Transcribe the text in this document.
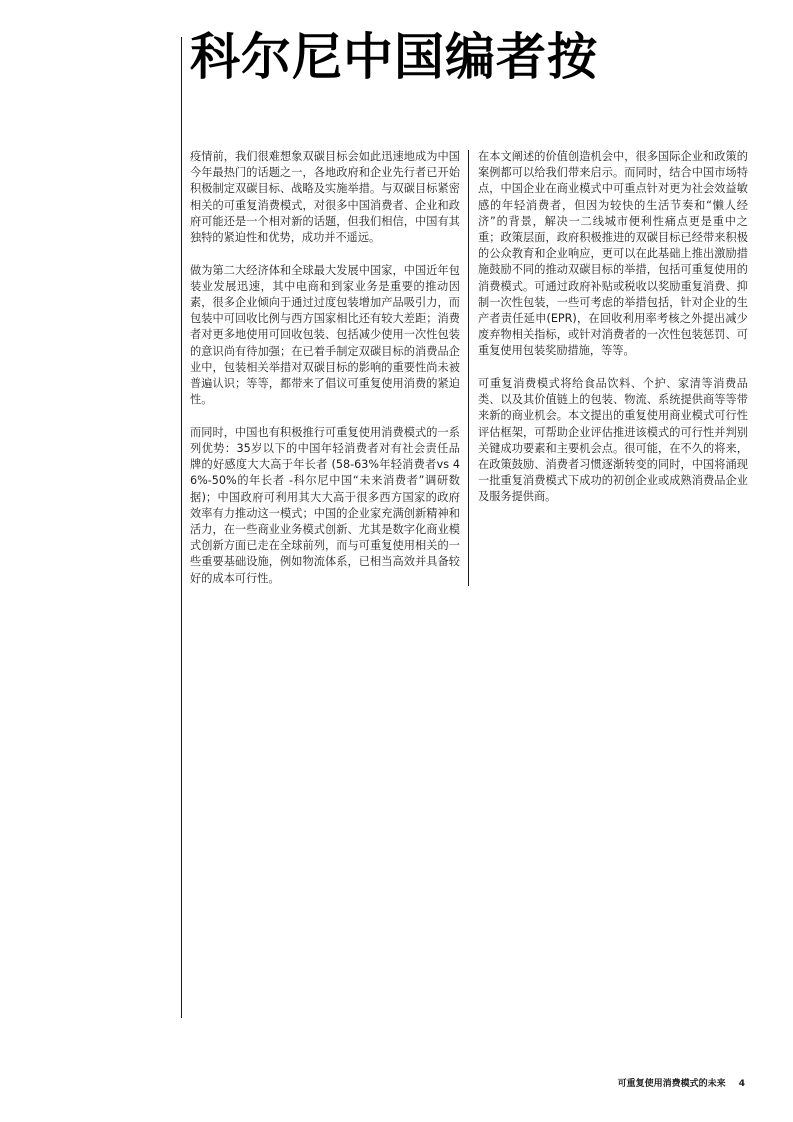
科尔尼中国编者按

疫情前，我们很难想象双碳目标会如此迅速地成为中国今年最热门的话题之一，各地政府和企业先行者已开始积极制定双碳目标、战略及实施举措。与双碳目标紧密相关的可重复消费模式，对很多中国消费者、企业和政府可能还是一个相对新的话题，但我们相信，中国有其独特的紧迫性和优势，成功并不遥远。

做为第二大经济体和全球最大发展中国家，中国近年包装业发展迅速，其中电商和到家业务是重要的推动因素，很多企业倾向于通过过度包装增加产品吸引力，而包装中可回收比例与西方国家相比还有较大差距；消费者对更多地使用可回收包装、包括减少使用一次性包装的意识尚有待加强；在已着手制定双碳目标的消费品企业中，包装相关举措对双碳目标的影响的重要性尚未被普遍认识；等等，都带来了倡议可重复使用消费的紧迫性。

而同时，中国也有积极推行可重复使用消费模式的一系列优势：35岁以下的中国年轻消费者对有社会责任品牌的好感度大大高于年长者 (58-63%年轻消费者vs 46%-50%的年长者 -科尔尼中国“未来消费者”调研数据)；中国政府可利用其大大高于很多西方国家的政府效率有力推动这一模式；中国的企业家充满创新精神和活力，在一些商业业务模式创新、尤其是数字化商业模式创新方面已走在全球前列，而与可重复使用相关的一些重要基础设施，例如物流体系，已相当高效并具备较好的成本可行性。

在本文阐述的价值创造机会中，很多国际企业和政策的案例都可以给我们带来启示。而同时，结合中国市场特点，中国企业在商业模式中可重点针对更为社会效益敏感的年轻消费者，但因为较快的生活节奏和“懒人经济”的背景，解决一二线城市便利性痛点更是重中之重；政策层面，政府积极推进的双碳目标已经带来积极的公众教育和企业响应，更可以在此基础上推出激励措施鼓励不同的推动双碳目标的举措，包括可重复使用的消费模式。可通过政府补贴或税收以奖励重复消费、抑制一次性包装，一些可考虑的举措包括，针对企业的生产者责任延申(EPR)，在回收利用率考核之外提出减少废弃物相关指标，或针对消费者的一次性包装惩罚、可重复使用包装奖励措施，等等。

可重复消费模式将给食品饮料、个护、家清等消费品类、以及其价值链上的包装、物流、系统提供商等等带来新的商业机会。本文提出的重复使用商业模式可行性评估框架，可帮助企业评估推进该模式的可行性并判别关键成功要素和主要机会点。很可能，在不久的将来，在政策鼓励、消费者习惯逐渐转变的同时，中国将涌现一批重复消费模式下成功的初创企业或成熟消费品企业及服务提供商。

可重复使用消费模式的未来 4
